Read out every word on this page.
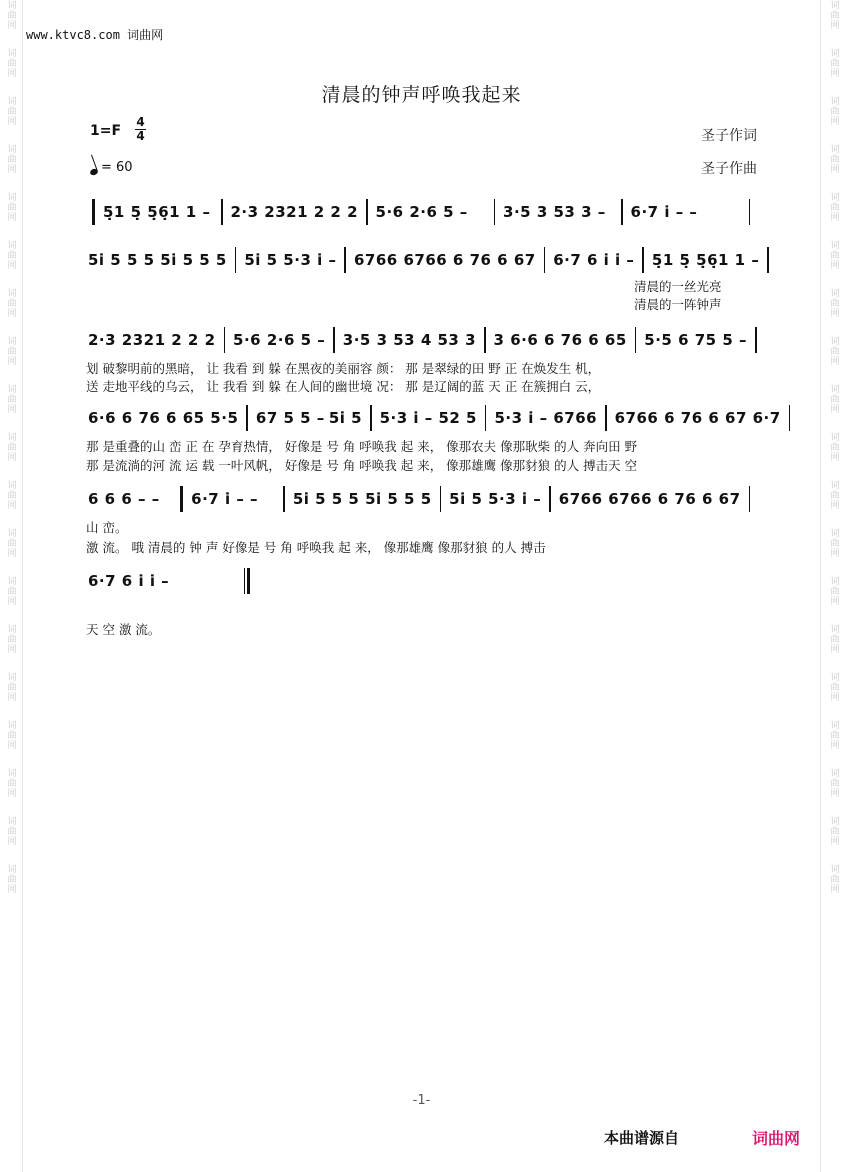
词曲网
词曲网
词曲网
词曲网
词曲网
词曲网
词曲网
词曲网
词曲网
词曲网
词曲网
词曲网
词曲网
词曲网
词曲网
词曲网
词曲网
词曲网
词曲网
词曲网
词曲网
词曲网
词曲网
词曲网
词曲网
词曲网
词曲网
词曲网
词曲网
词曲网
词曲网
词曲网
词曲网
词曲网
词曲网
词曲网
词曲网
词曲网
www.ktvc8.com 词曲网
清晨的钟声呼唤我起来
1=F
4
4
= 60
圣子作词
圣子作曲
5̣1 5̣ 5̣6̣1 1 –	2·3 2321 2 2 2 5·6 2·6 5 –	3·5 3 53 3 –	6·7 i̇ – –
5i̇ 5 5 5 5i̇ 5 5 5 5i̇ 5 5·3 i̇ – 6766 6766 6 76 6 67 6·7 6 i̇ i̇ – 5̣1 5̣ 5̣6̣1 1 –
清晨的一丝光亮
清晨的一阵钟声
2·3 2321 2 2 2 5·6 2·6 5 – 3·5 3 53 4 53 3 3 6·6 6 76 6 65 5·5 6 75 5 –
划 破黎明前的黑暗， 让 我看 到 躲 在黑夜的美丽容 颜： 那 是翠绿的田 野 正 在焕发生 机，
送 走地平线的乌云， 让 我看 到 躲 在人间的幽世境 况： 那 是辽阔的蓝 天 正 在簇拥白 云，
6·6 6 76 6 65 5·5 67 5 5 – 5i̇ 5 5·3 i̇ – 52 5 5·3 i̇ – 6766 6766 6 76 6 67 6·7
那 是重叠的山 峦 正 在 孕育热情， 好像是 号 角 呼唤我 起 来， 像那农夫 像那耿柴 的人 奔向田 野
那 是流淌的河 流 运 载 一叶风帆， 好像是 号 角 呼唤我 起 来， 像那雄鹰 像那豺狼 的人 搏击天 空
6 6 6 – –	6·7 i̇ – –	5i̇ 5 5 5 5i̇ 5 5 5 5i̇ 5 5·3 i̇ – 6766 6766 6 76 6 67
山 峦。
激 流。 哦 清晨的 钟 声 好像是 号 角 呼唤我 起 来， 像那雄鹰 像那豺狼 的人 搏击
6·7 6 i̇ i̇ –
天 空 激 流。
-1-
本曲谱源自	词曲网
